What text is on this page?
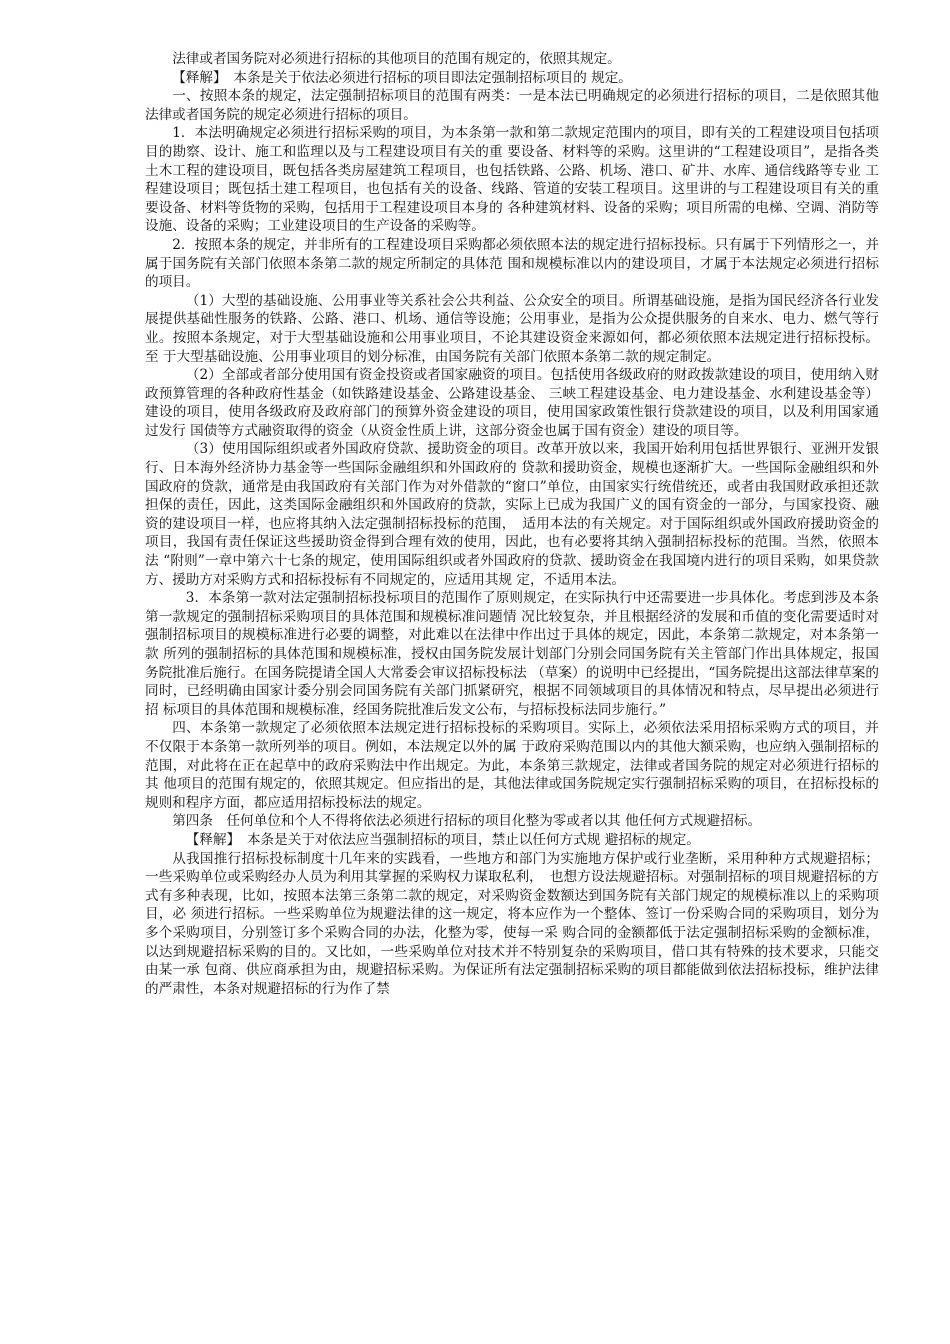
法律或者国务院对必须进行招标的其他项目的范围有规定的，依照其规定。

【释解】　本条是关于依法必须进行招标的项目即法定强制招标项目的 规定。

一、按照本条的规定，法定强制招标项目的范围有两类：一是本法已明确规定的必须进行招标的项目，二是依照其他法律或者国务院的规定必须进行招标的项目。

1．本法明确规定必须进行招标采购的项目，为本条第一款和第二款规定范围内的项目，即有关的工程建设项目包括项目的勘察、设计、施工和监理以及与工程建设项目有关的重 要设备、材料等的采购。这里讲的“工程建设项目”，是指各类土木工程的建设项目，既包括各类房屋建筑工程项目，也包括铁路、公路、机场、港口、矿井、水库、通信线路等专业 工程建设项目；既包括土建工程项目，也包括有关的设备、线路、管道的安装工程项目。这里讲的与工程建设项目有关的重要设备、材料等货物的采购，包括用于工程建设项目本身的 各种建筑材料、设备的采购；项目所需的电梯、空调、消防等设施、设备的采购；工业建设项目的生产设备的采购等。

2．按照本条的规定，并非所有的工程建设项目采购都必须依照本法的规定进行招标投标。只有属于下列情形之一，并属于国务院有关部门依照本条第二款的规定所制定的具体范 围和规模标准以内的建设项目，才属于本法规定必须进行招标的项目。

（1）大型的基础设施、公用事业等关系社会公共利益、公众安全的项目。所谓基础设施，是指为国民经济各行业发展提供基础性服务的铁路、公路、港口、机场、通信等设施；公用事业，是指为公众提供服务的自来水、电力、燃气等行业。按照本条规定，对于大型基础设施和公用事业项目，不论其建设资金来源如何，都必须依照本法规定进行招标投标。至 于大型基础设施、公用事业项目的划分标准，由国务院有关部门依照本条第二款的规定制定。

（2）全部或者部分使用国有资金投资或者国家融资的项目。包括使用各级政府的财政拨款建设的项目，使用纳入财政预算管理的各种政府性基金（如铁路建设基金、公路建设基金、 三峡工程建设基金、电力建设基金、水利建设基金等）建设的项目，使用各级政府及政府部门的预算外资金建设的项目，使用国家政策性银行贷款建设的项目，以及利用国家通过发行 国债等方式融资取得的资金（从资金性质上讲，这部分资金也属于国有资金）建设的项目等。

（3）使用国际组织或者外国政府贷款、援助资金的项目。改革开放以来，我国开始利用包括世界银行、亚洲开发银行、日本海外经济协力基金等一些国际金融组织和外国政府的 贷款和援助资金，规模也逐渐扩大。一些国际金融组织和外国政府的贷款，通常是由我国政府有关部门作为对外借款的“窗口”单位，由国家实行统借统还，或者由我国财政承担还款 担保的责任，因此，这类国际金融组织和外国政府的贷款，实际上已成为我国广义的国有资金的一部分，与国家投资、融资的建设项目一样，也应将其纳入法定强制招标投标的范围，　适用本法的有关规定。对于国际组织或外国政府援助资金的项目，我国有责任保证这些援助资金得到合理有效的使用，因此，也有必要将其纳入强制招标投标的范围。当然，依照本法 “附则”一章中第六十七条的规定，使用国际组织或者外国政府的贷款、援助资金在我国境内进行的项目采购，如果贷款方、援助方对采购方式和招标投标有不同规定的，应适用其规 定，不适用本法。

3．本条第一款对法定强制招标投标项目的范围作了原则规定，在实际执行中还需要进一步具体化。考虑到涉及本条第一款规定的强制招标采购项目的具体范围和规模标准问题情 况比较复杂，并且根据经济的发展和币值的变化需要适时对强制招标项目的规模标准进行必要的调整，对此难以在法律中作出过于具体的规定，因此，本条第二款规定，对本条第一款 所列的强制招标的具体范围和规模标准，授权由国务院发展计划部门分别会同国务院有关主管部门作出具体规定，报国务院批准后施行。在国务院提请全国人大常委会审议招标投标法 （草案）的说明中已经提出，“国务院提出这部法律草案的同时，已经明确由国家计委分别会同国务院有关部门抓紧研究，根据不同领域项目的具体情况和特点，尽早提出必须进行招 标项目的具体范围和规模标准，经国务院批准后发文公布，与招标投标法同步施行。”

四、本条第一款规定了必须依照本法规定进行招标投标的采购项目。实际上，必须依法采用招标采购方式的项目，并不仅限于本条第一款所列举的项目。例如，本法规定以外的属 于政府采购范围以内的其他大额采购，也应纳入强制招标的范围，对此将在正在起草中的政府采购法中作出规定。为此，本条第三款规定，法律或者国务院的规定对必须进行招标的其 他项目的范围有规定的，依照其规定。但应指出的是，其他法律或国务院规定实行强制招标采购的项目，在招标投标的规则和程序方面，都应适用招标投标法的规定。

第四条　任何单位和个人不得将依法必须进行招标的项目化整为零或者以其 他任何方式规避招标。

【释解】　本条是关于对依法应当强制招标的项目，禁止以任何方式规 避招标的规定。

从我国推行招标投标制度十几年来的实践看，一些地方和部门为实施地方保护或行业垄断，采用种种方式规避招标；一些采购单位或采购经办人员为利用其掌握的采购权力谋取私利，　也想方设法规避招标。对强制招标的项目规避招标的方式有多种表现，比如，按照本法第三条第二款的规定，对采购资金数额达到国务院有关部门规定的规模标准以上的采购项目，必 须进行招标。一些采购单位为规避法律的这一规定，将本应作为一个整体、签订一份采购合同的采购项目，划分为多个采购项目，分别签订多个采购合同的办法，化整为零，使每一采 购合同的金额都低于法定强制招标采购的金额标准，以达到规避招标采购的目的。又比如，一些采购单位对技术并不特别复杂的采购项目，借口其有特殊的技术要求，只能交由某一承 包商、供应商承担为由，规避招标采购。为保证所有法定强制招标采购的项目都能做到依法招标投标，维护法律的严肃性，本条对规避招标的行为作了禁
